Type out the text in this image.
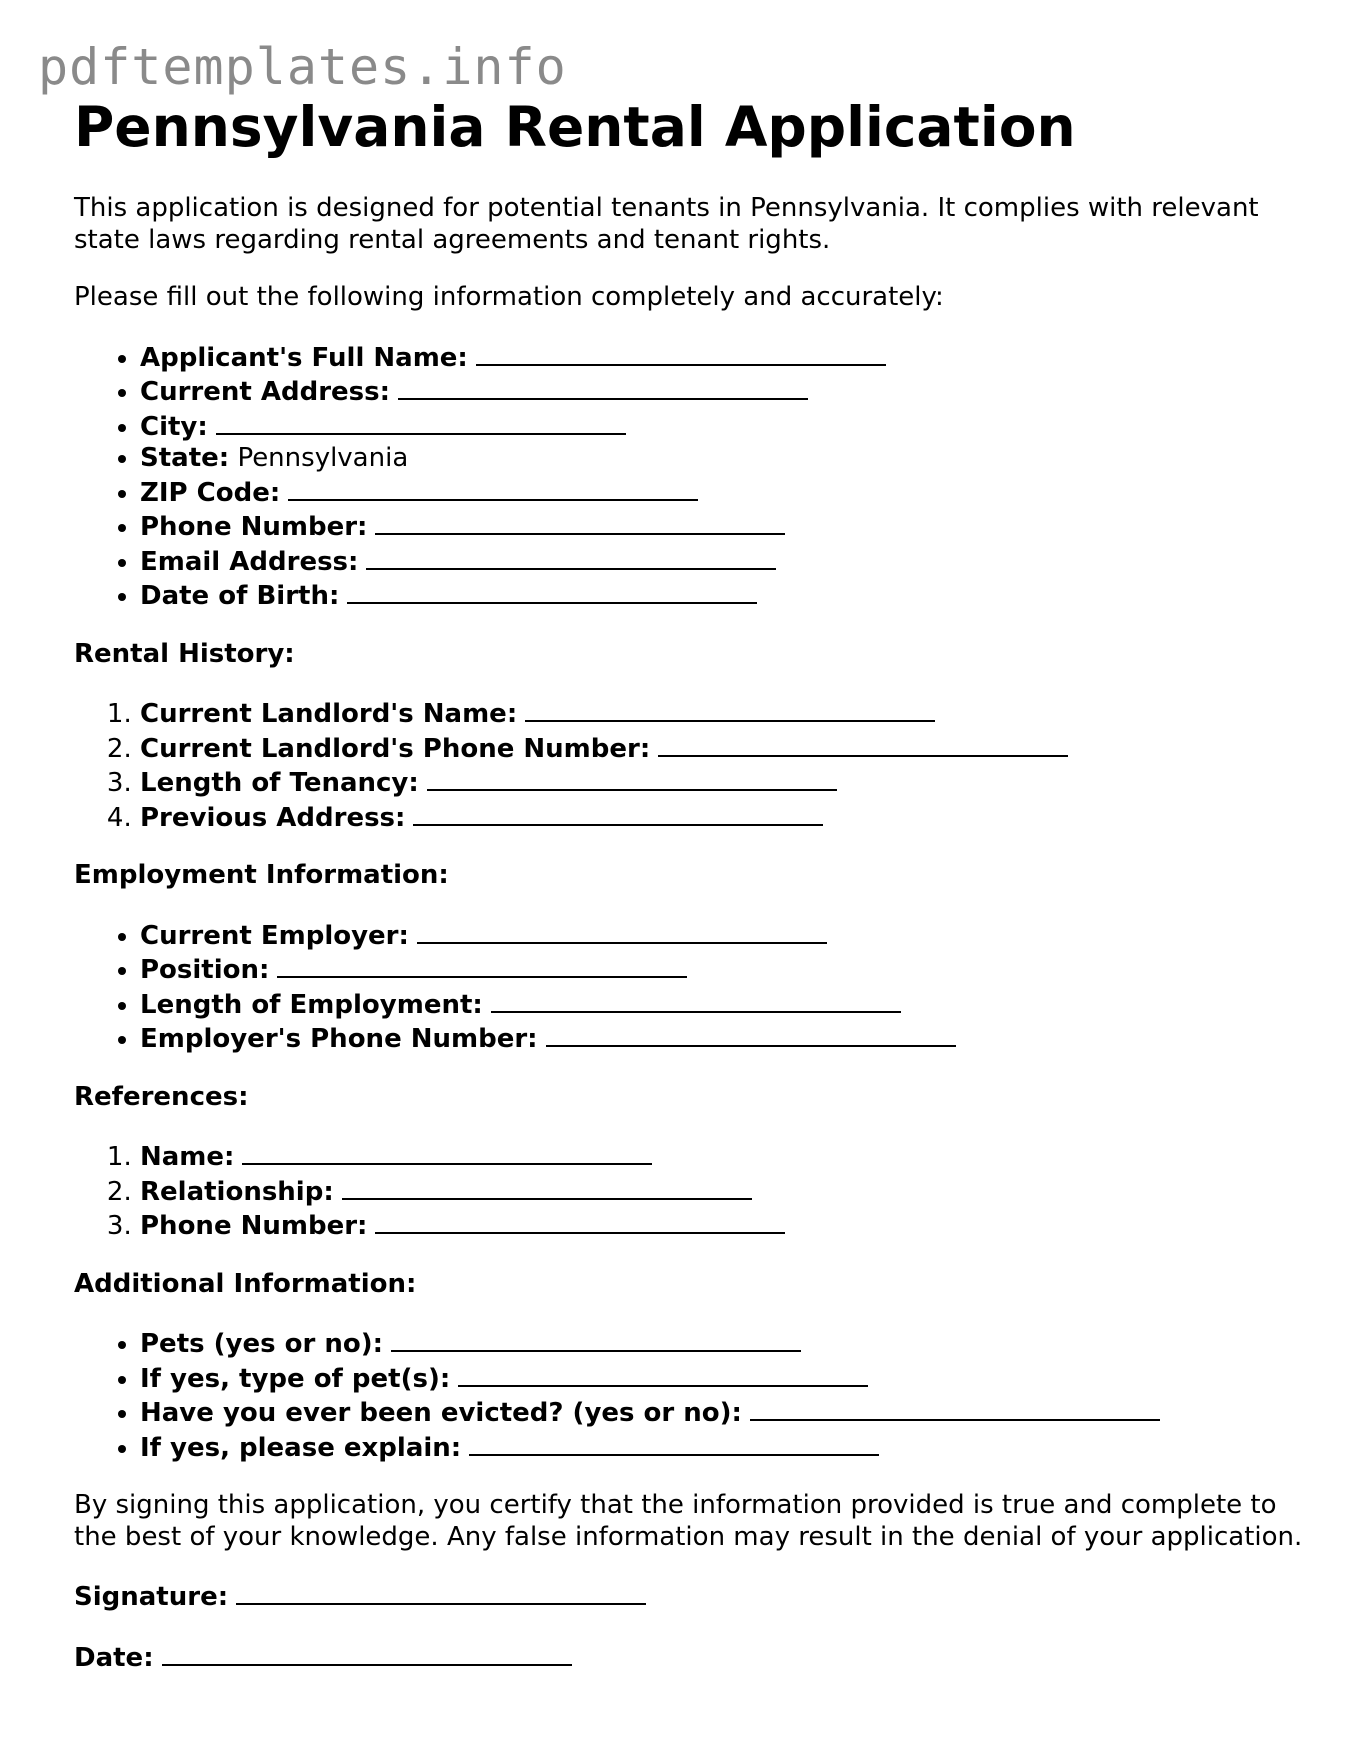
pdftemplates.info
Pennsylvania Rental Application

This application is designed for potential tenants in Pennsylvania. It complies with relevant state laws regarding rental agreements and tenant rights.

Please fill out the following information completely and accurately:

• Applicant's Full Name:
• Current Address:
• City:
• State: Pennsylvania
• ZIP Code:
• Phone Number:
• Email Address:
• Date of Birth:
Rental History:
1. Current Landlord's Name:
2. Current Landlord's Phone Number:
3. Length of Tenancy:
4. Previous Address:
Employment Information:
• Current Employer:
• Position:
• Length of Employment:
• Employer's Phone Number:
References:
1. Name:
2. Relationship:
3. Phone Number:
Additional Information:
• Pets (yes or no):
• If yes, type of pet(s):
• Have you ever been evicted? (yes or no):
• If yes, please explain:

By signing this application, you certify that the information provided is true and complete to the best of your knowledge. Any false information may result in the denial of your application.

Signature:
Date:
